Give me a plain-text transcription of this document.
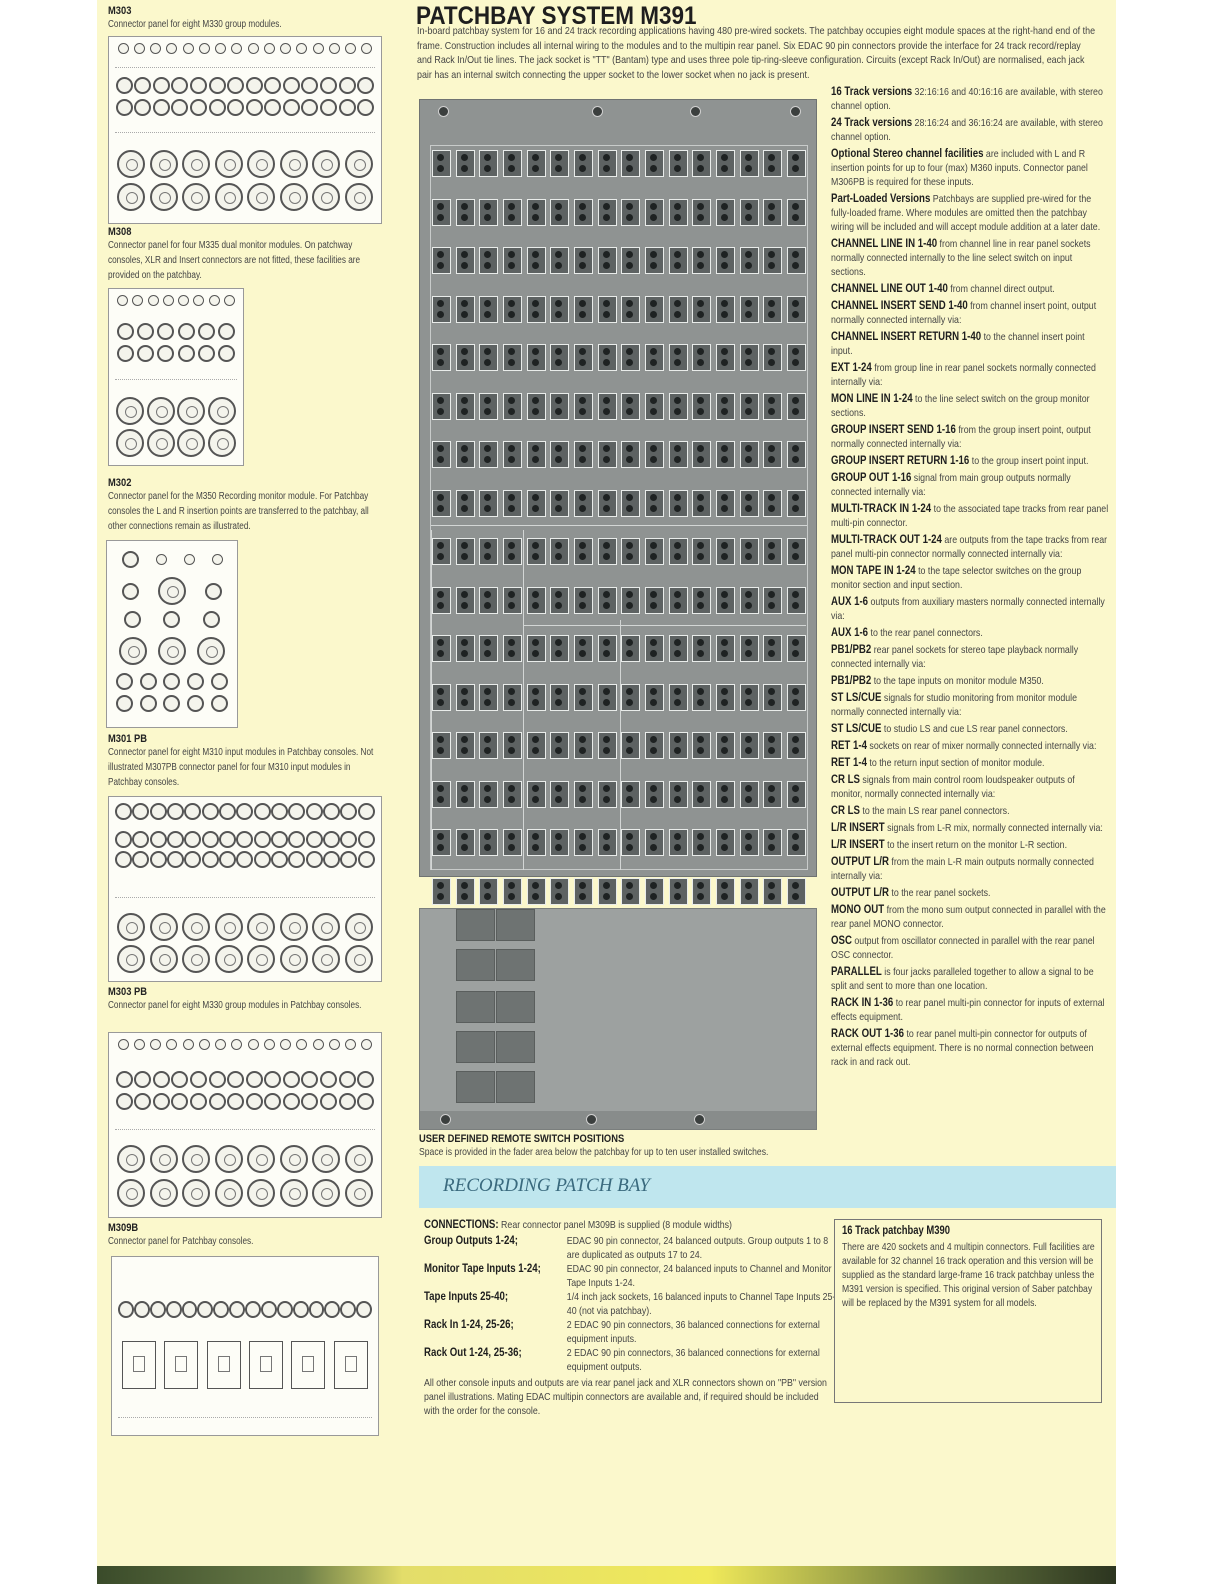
M303
Connector panel for eight M330 group modules.
M308
Connector panel for four M335 dual monitor modules. On patchway consoles, XLR and Insert connectors are not fitted, these facilities are provided on the patchbay.
M302
Connector panel for the M350 Recording monitor module. For Patchbay consoles the L and R insertion points are transferred to the patchbay, all other connections remain as illustrated.
M301 PB
Connector panel for eight M310 input modules in Patchbay consoles. Not illustrated M307PB connector panel for four M310 input modules in Patchbay consoles.
M303 PB
Connector panel for eight M330 group modules in Patchbay consoles.
M309B
Connector panel for Patchbay consoles.
PATCHBAY SYSTEM M391
In-board patchbay system for 16 and 24 track recording applications having 480 pre-wired sockets. The patchbay occupies eight module spaces at the right-hand end of the frame. Construction includes all internal wiring to the modules and to the multipin rear panel. Six EDAC 90 pin connectors provide the interface for 24 track record/replay and Rack In/Out tie lines. The jack socket is "TT" (Bantam) type and uses three pole tip-ring-sleeve configuration. Circuits (except Rack In/Out) are normalised, each jack pair has an internal switch connecting the upper socket to the lower socket when no jack is present.
USER DEFINED REMOTE SWITCH POSITIONS
Space is provided in the fader area below the patchbay for up to ten user installed switches.
16 Track versions 32:16:16 and 40:16:16 are available, with stereo channel option.
24 Track versions 28:16:24 and 36:16:24 are available, with stereo channel option.
Optional Stereo channel facilities are included with L and R insertion points for up to four (max) M360 inputs. Connector panel M306PB is required for these inputs.
Part-Loaded Versions Patchbays are supplied pre-wired for the fully-loaded frame. Where modules are omitted then the patchbay wiring will be included and will accept module addition at a later date.
CHANNEL LINE IN 1-40 from channel line in rear panel sockets normally connected internally to the line select switch on input sections.
CHANNEL LINE OUT 1-40 from channel direct output.
CHANNEL INSERT SEND 1-40 from channel insert point, output normally connected internally via:
CHANNEL INSERT RETURN 1-40 to the channel insert point input.
EXT 1-24 from group line in rear panel sockets normally connected internally via:
MON LINE IN 1-24 to the line select switch on the group monitor sections.
GROUP INSERT SEND 1-16 from the group insert point, output normally connected internally via:
GROUP INSERT RETURN 1-16 to the group insert point input.
GROUP OUT 1-16 signal from main group outputs normally connected internally via:
MULTI-TRACK IN 1-24 to the associated tape tracks from rear panel multi-pin connector.
MULTI-TRACK OUT 1-24 are outputs from the tape tracks from rear panel multi-pin connector normally connected internally via:
MON TAPE IN 1-24 to the tape selector switches on the group monitor section and input section.
AUX 1-6 outputs from auxiliary masters normally connected internally via:
AUX 1-6 to the rear panel connectors.
PB1/PB2 rear panel sockets for stereo tape playback normally connected internally via:
PB1/PB2 to the tape inputs on monitor module M350.
ST LS/CUE signals for studio monitoring from monitor module normally connected internally via:
ST LS/CUE to studio LS and cue LS rear panel connectors.
RET 1-4 sockets on rear of mixer normally connected internally via:
RET 1-4 to the return input section of monitor module.
CR LS signals from main control room loudspeaker outputs of monitor, normally connected internally via:
CR LS to the main LS rear panel connectors.
L/R INSERT signals from L-R mix, normally connected internally via:
L/R INSERT to the insert return on the monitor L-R section.
OUTPUT L/R from the main L-R main outputs normally connected internally via:
OUTPUT L/R to the rear panel sockets.
MONO OUT from the mono sum output connected in parallel with the rear panel MONO connector.
OSC output from oscillator connected in parallel with the rear panel OSC connector.
PARALLEL is four jacks paralleled together to allow a signal to be split and sent to more than one location.
RACK IN 1-36 to rear panel multi-pin connector for inputs of external effects equipment.
RACK OUT 1-36 to rear panel multi-pin connector for outputs of external effects equipment. There is no normal connection between rack in and rack out.
RECORDING PATCH BAY
CONNECTIONS: Rear connector panel M309B is supplied (8 module widths)
Group Outputs 1-24;	EDAC 90 pin connector, 24 balanced outputs. Group outputs 1 to 8 are duplicated as outputs 17 to 24.
Monitor Tape Inputs 1-24;	EDAC 90 pin connector, 24 balanced inputs to Channel and Monitor Tape Inputs 1-24.
Tape Inputs 25-40;	1/4 inch jack sockets, 16 balanced inputs to Channel Tape Inputs 25-40 (not via patchbay).
Rack In 1-24, 25-26;	2 EDAC 90 pin connectors, 36 balanced connections for external equipment inputs.
Rack Out 1-24, 25-36;	2 EDAC 90 pin connectors, 36 balanced connections for external equipment outputs.
All other console inputs and outputs are via rear panel jack and XLR connectors shown on "PB" version panel illustrations. Mating EDAC multipin connectors are available and, if required should be included with the order for the console.
16 Track patchbay M390
There are 420 sockets and 4 multipin connectors. Full facilities are available for 32 channel 16 track operation and this version will be supplied as the standard large-frame 16 track patchbay unless the M391 version is specified. This original version of Saber patchbay will be replaced by the M391 system for all models.
